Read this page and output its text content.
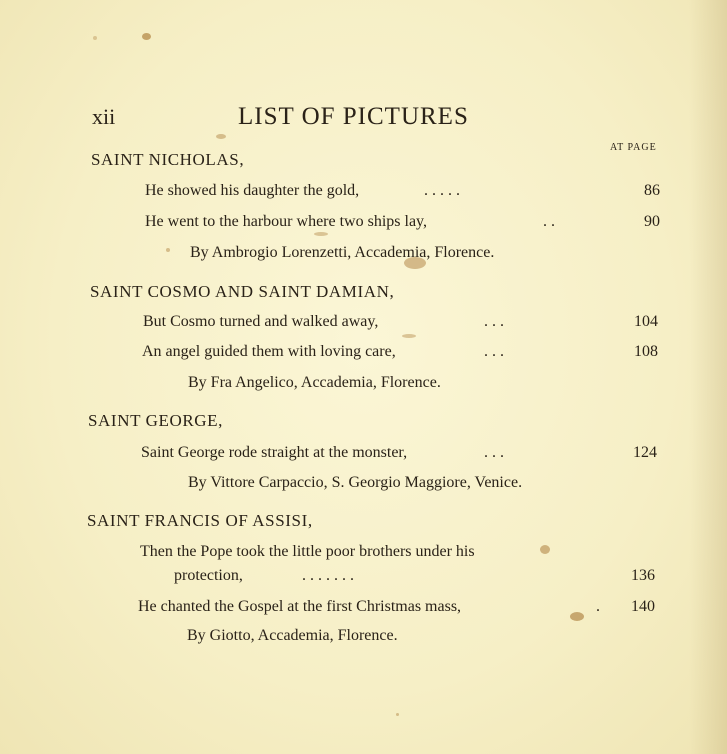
xii	LIST OF PICTURES
AT PAGE
SAINT NICHOLAS,
He showed his daughter the gold,	. . . . .	86
He went to the harbour where two ships lay,	. .	90
By Ambrogio Lorenzetti, Accademia, Florence.
SAINT COSMO AND SAINT DAMIAN,
But Cosmo turned and walked away,	. . .	104
An angel guided them with loving care,	. . .	108
By Fra Angelico, Accademia, Florence.
SAINT GEORGE,
Saint George rode straight at the monster,	. . .	124
By Vittore Carpaccio, S. Georgio Maggiore, Venice.
SAINT FRANCIS OF ASSISI,
Then the Pope took the little poor brothers under his
protection,	. . . . . . .	136
He chanted the Gospel at the first Christmas mass,	.	140
By Giotto, Accademia, Florence.
